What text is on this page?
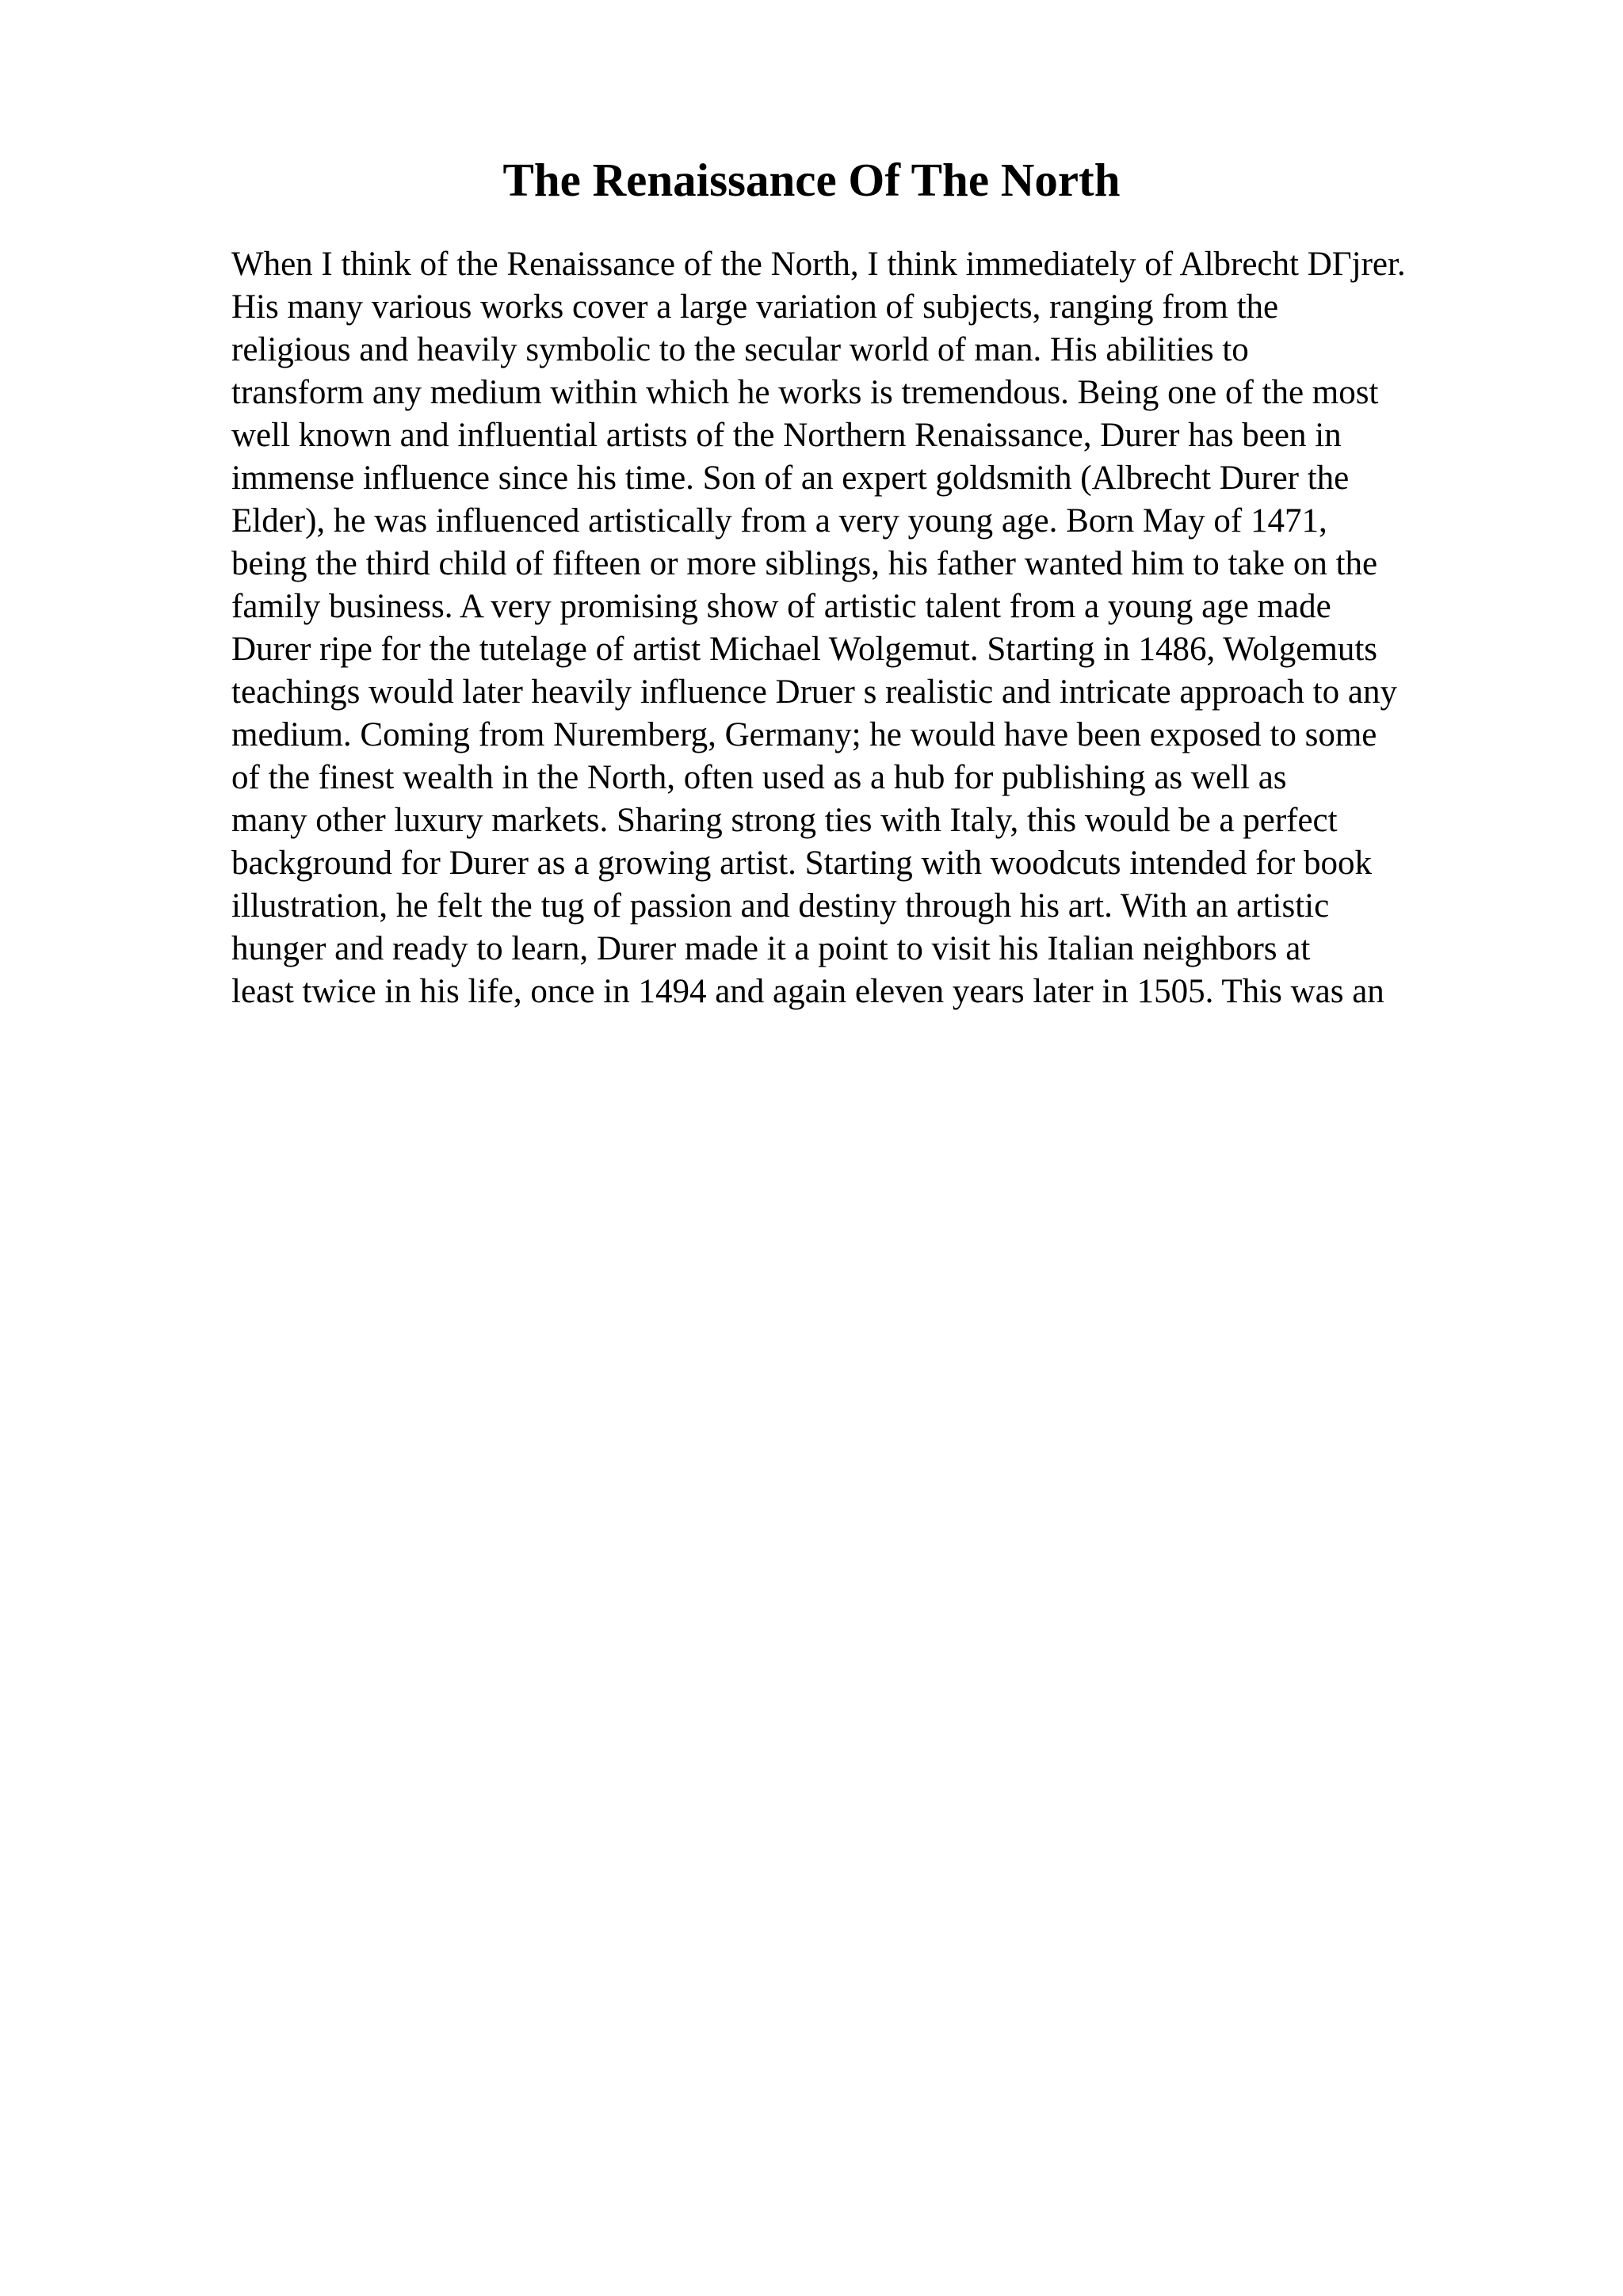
The Renaissance Of The North
When I think of the Renaissance of the North, I think immediately of Albrecht DГjrer.
His many various works cover a large variation of subjects, ranging from the
religious and heavily symbolic to the secular world of man. His abilities to
transform any medium within which he works is tremendous. Being one of the most
well known and influential artists of the Northern Renaissance, Durer has been in
immense influence since his time. Son of an expert goldsmith (Albrecht Durer the
Elder), he was influenced artistically from a very young age. Born May of 1471,
being the third child of fifteen or more siblings, his father wanted him to take on the
family business. A very promising show of artistic talent from a young age made
Durer ripe for the tutelage of artist Michael Wolgemut. Starting in 1486, Wolgemuts
teachings would later heavily influence Druer s realistic and intricate approach to any
medium. Coming from Nuremberg, Germany; he would have been exposed to some
of the finest wealth in the North, often used as a hub for publishing as well as
many other luxury markets. Sharing strong ties with Italy, this would be a perfect
background for Durer as a growing artist. Starting with woodcuts intended for book
illustration, he felt the tug of passion and destiny through his art. With an artistic
hunger and ready to learn, Durer made it a point to visit his Italian neighbors at
least twice in his life, once in 1494 and again eleven years later in 1505. This was an
